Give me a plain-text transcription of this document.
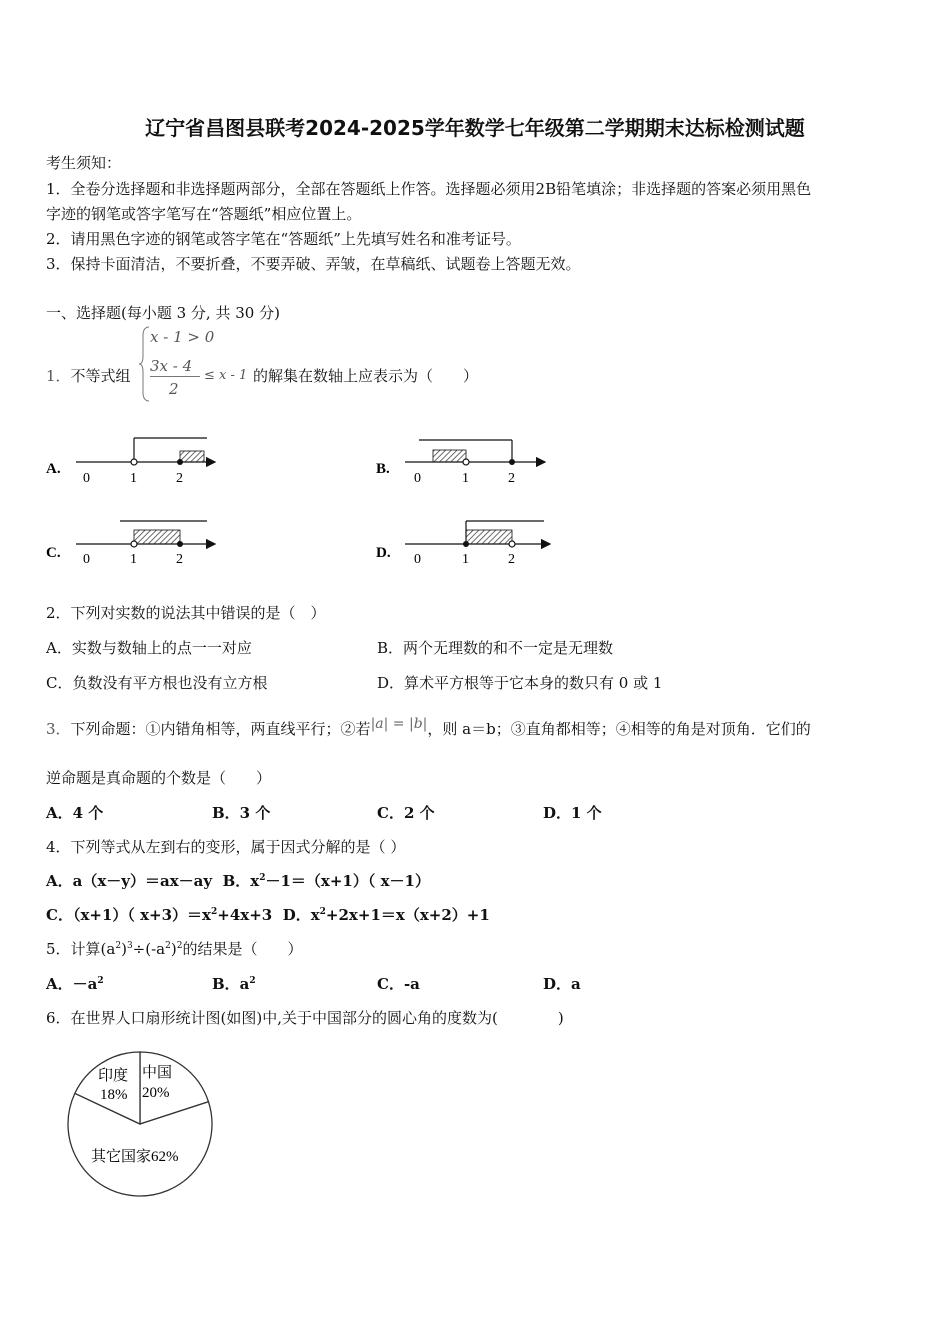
辽宁省昌图县联考2024-2025学年数学七年级第二学期期末达标检测试题
考生须知：
1．全卷分选择题和非选择题两部分，全部在答题纸上作答。选择题必须用2B铅笔填涂；非选择题的答案必须用黑色
字迹的钢笔或答字笔写在“答题纸”相应位置上。
2．请用黑色字迹的钢笔或答字笔在“答题纸”上先填写姓名和准考证号。
3．保持卡面清洁，不要折叠，不要弄破、弄皱，在草稿纸、试题卷上答题无效。
一、选择题(每小题 3 分, 共 30 分)
1．不等式组
x - 1 > 0
3x - 4
2
≤ x - 1 的解集在数轴上应表示为（　　）
A.
0	1	2
B.
0	1	2
C. 0	1	2	D. 0	1	2
2．下列对实数的说法其中错误的是（　）
A．实数与数轴上的点一一对应	B．两个无理数的和不一定是无理数
C．负数没有平方根也没有立方根	D．算术平方根等于它本身的数只有 0 或 1
3．下列命题：①内错角相等，两直线平行；②若|a| = |b|，则 a＝b；③直角都相等；④相等的角是对顶角．它们的
逆命题是真命题的个数是（　　）
A．4 个	B．3 个	C．2 个	D．1 个
4．下列等式从左到右的变形，属于因式分解的是（ ）
A．a（x－y）＝ax－ay B．$x^2-1=(x+1)$（ x－1）
C．（x+1）（ $x+3)=x^2+4x+3$ D．$x^2+2x+1=x(x+2)+1$
5．计算$(a^2)^3\div(-a^2)^2$的结果是（　　）
A．$-a^2$	B．$a^2$	C．-a	D．a
6．在世界人口扇形统计图(如图)中,关于中国部分的圆心角的度数为(　　　　)
印度
18%
中国
20%
其它国家62%
